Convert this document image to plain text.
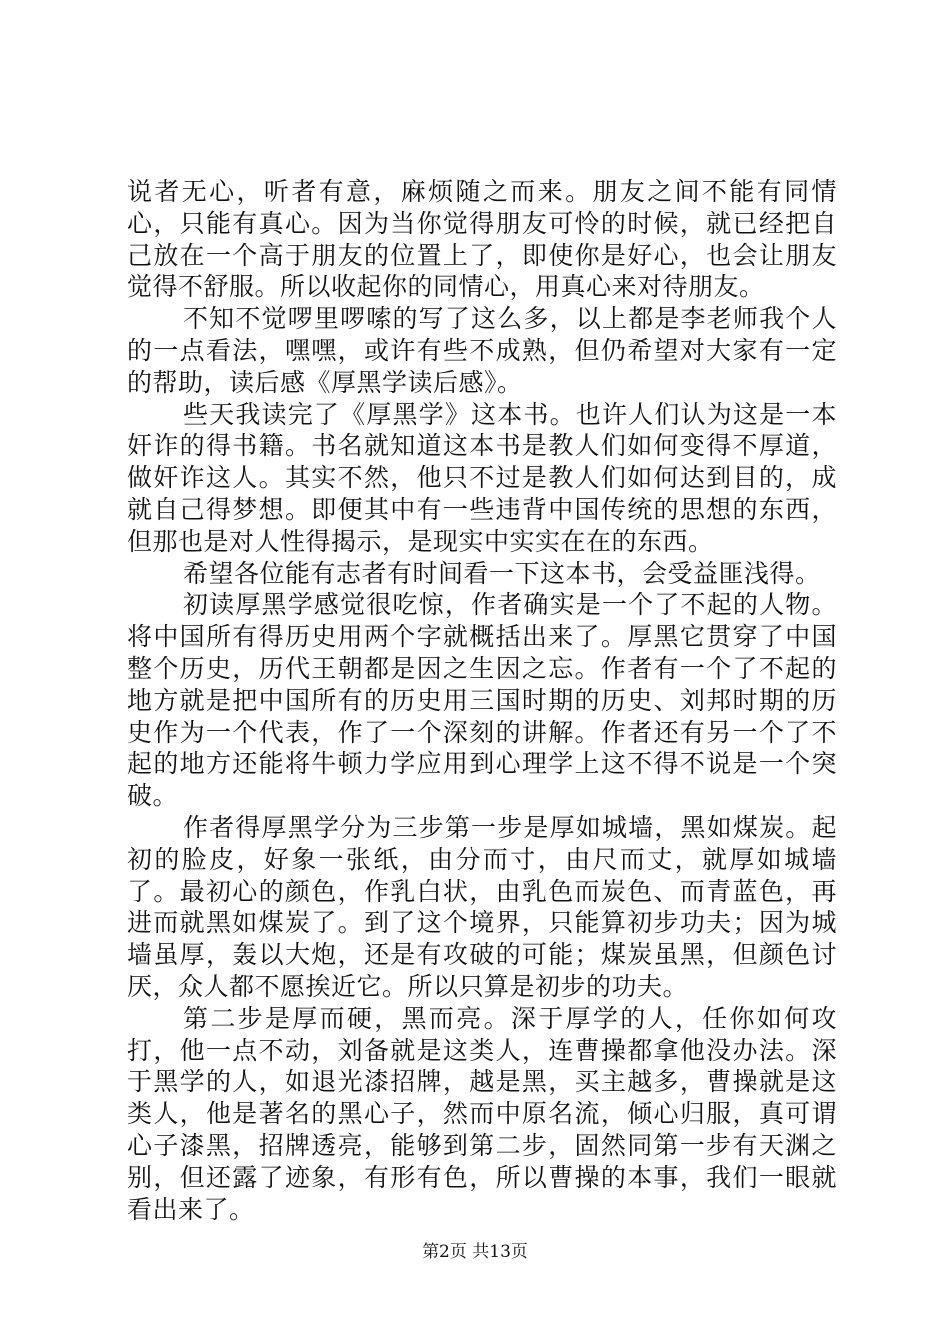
说者无心，听者有意，麻烦随之而来。朋友之间不能有同情心，只能有真心。因为当你觉得朋友可怜的时候，就已经把自己放在一个高于朋友的位置上了，即使你是好心，也会让朋友觉得不舒服。所以收起你的同情心，用真心来对待朋友。

不知不觉啰里啰嗦的写了这么多，以上都是李老师我个人的一点看法，嘿嘿，或许有些不成熟，但仍希望对大家有一定的帮助，读后感《厚黑学读后感》。

些天我读完了《厚黑学》这本书。也许人们认为这是一本奸诈的得书籍。书名就知道这本书是教人们如何变得不厚道，做奸诈这人。其实不然，他只不过是教人们如何达到目的，成就自己得梦想。即便其中有一些违背中国传统的思想的东西，但那也是对人性得揭示，是现实中实实在在的东西。

希望各位能有志者有时间看一下这本书，会受益匪浅得。

初读厚黑学感觉很吃惊，作者确实是一个了不起的人物。将中国所有得历史用两个字就概括出来了。厚黑它贯穿了中国整个历史，历代王朝都是因之生因之忘。作者有一个了不起的地方就是把中国所有的历史用三国时期的历史、刘邦时期的历史作为一个代表，作了一个深刻的讲解。作者还有另一个了不起的地方还能将牛顿力学应用到心理学上这不得不说是一个突破。

作者得厚黑学分为三步第一步是厚如城墙，黑如煤炭。起初的脸皮，好象一张纸，由分而寸，由尺而丈，就厚如城墙了。最初心的颜色，作乳白状，由乳色而炭色、而青蓝色，再进而就黑如煤炭了。到了这个境界，只能算初步功夫；因为城墙虽厚，轰以大炮，还是有攻破的可能；煤炭虽黑，但颜色讨厌，众人都不愿挨近它。所以只算是初步的功夫。

第二步是厚而硬，黑而亮。深于厚学的人，任你如何攻打，他一点不动，刘备就是这类人，连曹操都拿他没办法。深于黑学的人，如退光漆招牌，越是黑，买主越多，曹操就是这类人，他是著名的黑心子，然而中原名流，倾心归服，真可谓心子漆黑，招牌透亮，能够到第二步，固然同第一步有天渊之别，但还露了迹象，有形有色，所以曹操的本事，我们一眼就看出来了。

第2页 共13页
